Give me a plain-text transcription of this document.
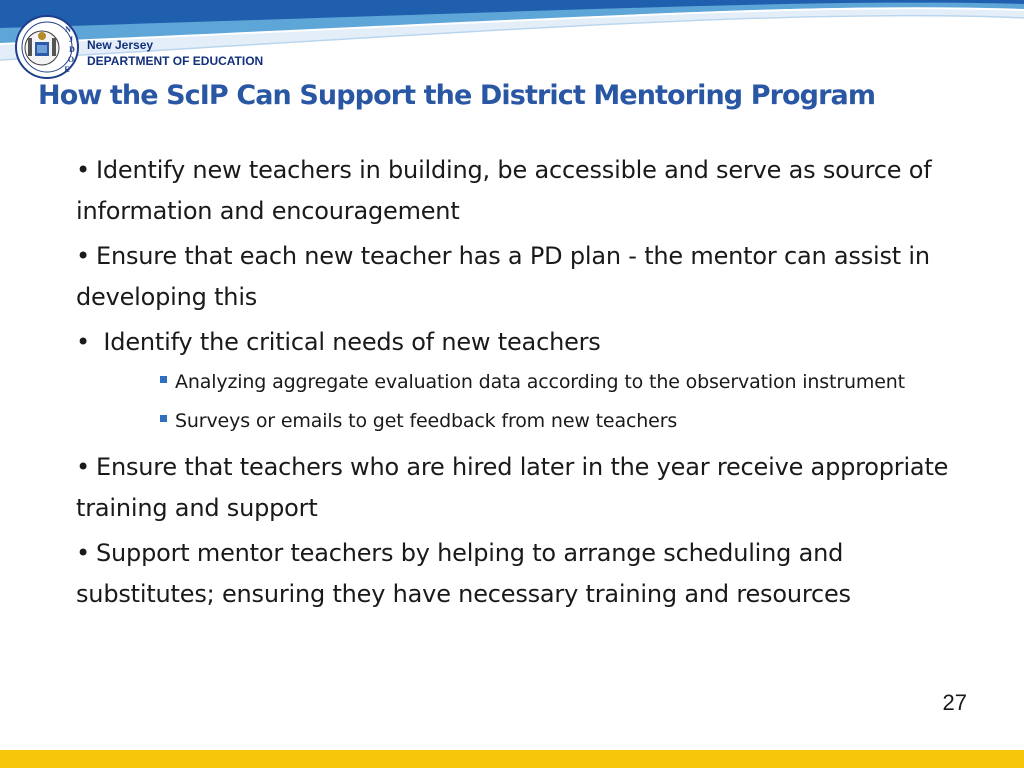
N
J
D
O
E
New Jersey
DEPARTMENT OF EDUCATION
How the ScIP Can Support the District Mentoring Program

• Identify new teachers in building, be accessible and serve as source of information and encouragement

• Ensure that each new teacher has a PD plan - the mentor can assist in developing this

• Identify the critical needs of new teachers

Analyzing aggregate evaluation data according to the observation instrument

Surveys or emails to get feedback from new teachers

• Ensure that teachers who are hired later in the year receive appropriate training and support

• Support mentor teachers by helping to arrange scheduling and substitutes; ensuring they have necessary training and resources

27
